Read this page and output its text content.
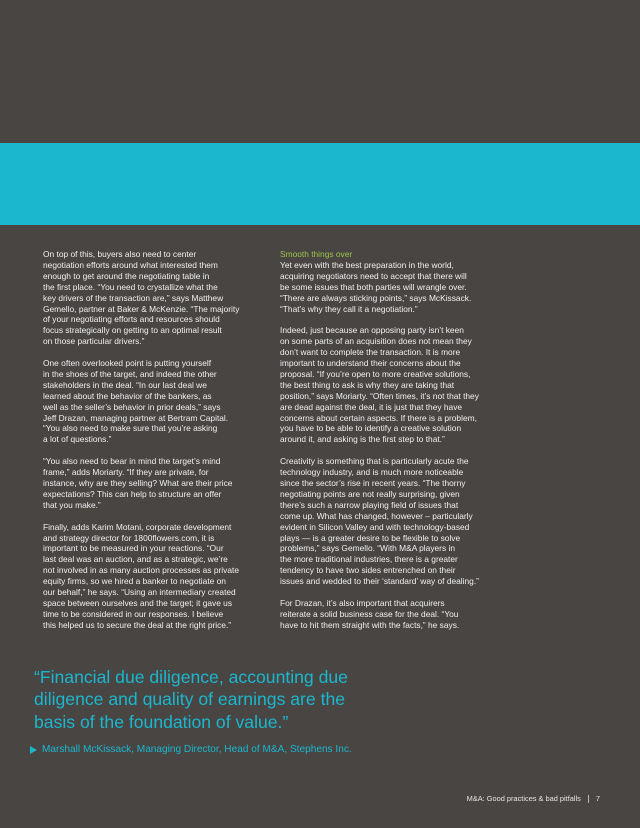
On top of this, buyers also need to center
negotiation efforts around what interested them
enough to get around the negotiating table in
the first place. “You need to crystallize what the
key drivers of the transaction are,” says Matthew
Gemello, partner at Baker & McKenzie. “The majority
of your negotiating efforts and resources should
focus strategically on getting to an optimal result
on those particular drivers.”

One often overlooked point is putting yourself
in the shoes of the target, and indeed the other
stakeholders in the deal. “In our last deal we
learned about the behavior of the bankers, as
well as the seller’s behavior in prior deals,” says
Jeff Drazan, managing partner at Bertram Capital.
“You also need to make sure that you’re asking
a lot of questions.”

“You also need to bear in mind the target’s mind
frame,” adds Moriarty. “If they are private, for
instance, why are they selling? What are their price
expectations? This can help to structure an offer
that you make.”

Finally, adds Karim Motani, corporate development
and strategy director for 1800flowers.com, it is
important to be measured in your reactions. “Our
last deal was an auction, and as a strategic, we’re
not involved in as many auction processes as private
equity firms, so we hired a banker to negotiate on
our behalf,” he says. “Using an intermediary created
space between ourselves and the target; it gave us
time to be considered in our responses. I believe
this helped us to secure the deal at the right price.”

Smooth things over

Yet even with the best preparation in the world,
acquiring negotiators need to accept that there will
be some issues that both parties will wrangle over.
“There are always sticking points,” says McKissack.
“That’s why they call it a negotiation.”

Indeed, just because an opposing party isn’t keen
on some parts of an acquisition does not mean they
don’t want to complete the transaction. It is more
important to understand their concerns about the
proposal. “If you’re open to more creative solutions,
the best thing to ask is why they are taking that
position,” says Moriarty. “Often times, it’s not that they
are dead against the deal, it is just that they have
concerns about certain aspects. If there is a problem,
you have to be able to identify a creative solution
around it, and asking is the first step to that.”

Creativity is something that is particularly acute the
technology industry, and is much more noticeable
since the sector’s rise in recent years. “The thorny
negotiating points are not really surprising, given
there’s such a narrow playing field of issues that
come up. What has changed, however – particularly
evident in Silicon Valley and with technology-based
plays — is a greater desire to be flexible to solve
problems,” says Gemello. “With M&A players in
the more traditional industries, there is a greater
tendency to have two sides entrenched on their
issues and wedded to their ‘standard’ way of dealing.”

For Drazan, it’s also important that acquirers
reiterate a solid business case for the deal. “You
have to hit them straight with the facts,” he says.

“Financial due diligence, accounting due
diligence and quality of earnings are the
basis of the foundation of value.”
Marshall McKissack, Managing Director, Head of M&A, Stephens Inc.
M&A: Good practices & bad pitfalls 7
